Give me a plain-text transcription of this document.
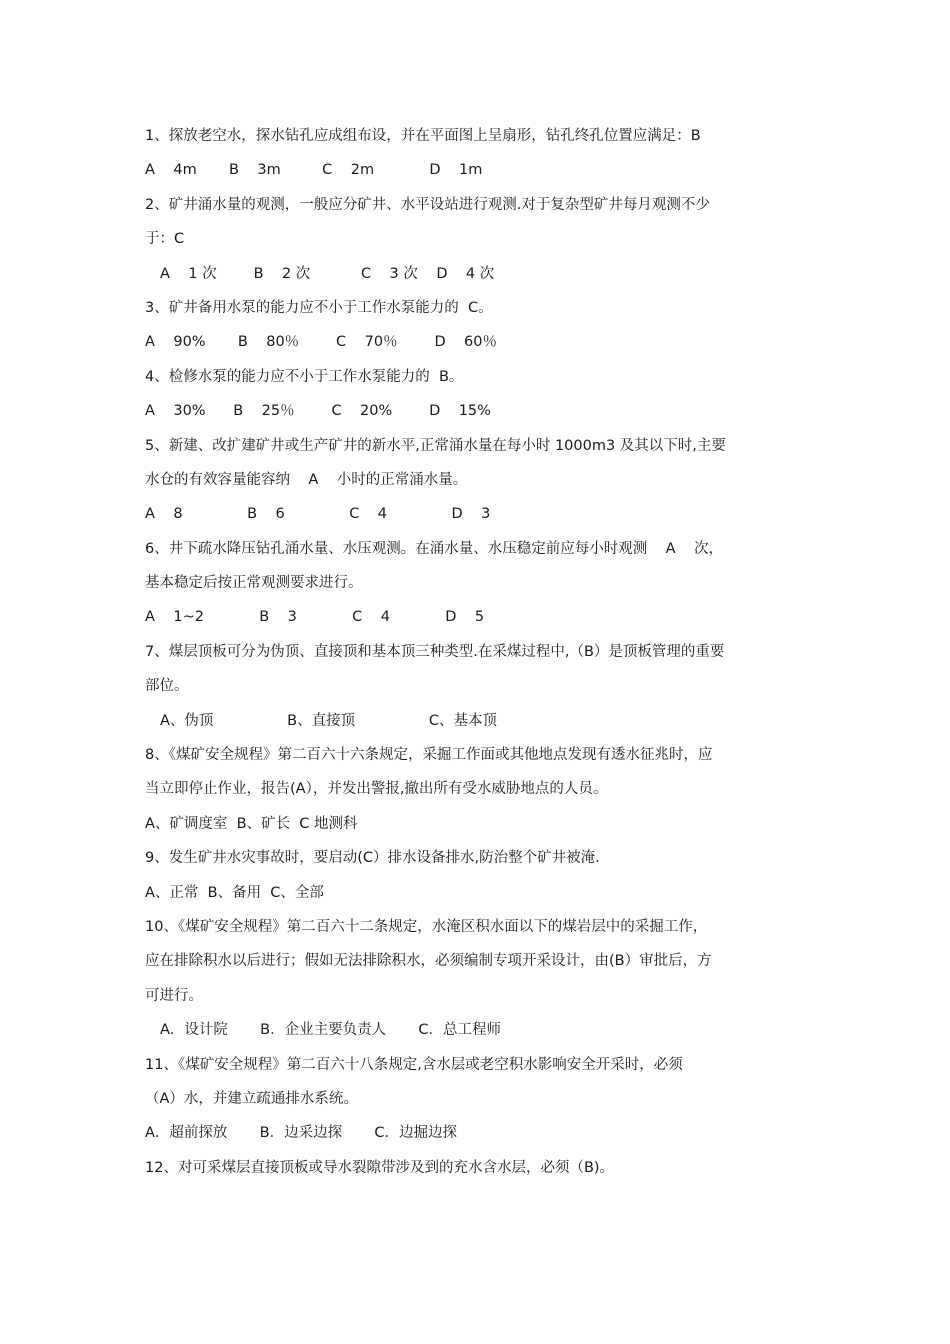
1、探放老空水，探水钻孔应成组布设，并在平面图上呈扇形，钻孔终孔位置应满足：B
A    4m       B    3m         C    2m            D    1m
2、矿井涌水量的观测，一般应分矿井、水平设站进行观测.对于复杂型矿井每月观测不少
于：C
A    1 次        B    2 次           C    3 次    D    4 次
3、矿井备用水泵的能力应不小于工作水泵能力的  C。
A    90%       B    80％        C    70％        D    60％
4、检修水泵的能力应不小于工作水泵能力的  B。
A    30%      B    25％        C    20%        D    15%
5、新建、改扩建矿井或生产矿井的新水平,正常涌水量在每小时 1000m3 及其以下时,主要
水仓的有效容量能容纳    A    小时的正常涌水量。
A    8              B    6              C    4              D    3
6、井下疏水降压钻孔涌水量、水压观测。在涌水量、水压稳定前应每小时观测    A    次，
基本稳定后按正常观测要求进行。
A    1~2            B    3            C    4            D    5
7、煤层顶板可分为伪顶、直接顶和基本顶三种类型.在采煤过程中,（B）是顶板管理的重要
部位。
A、伪顶                B、直接顶                C、基本顶
8、《煤矿安全规程》第二百六十六条规定，采掘工作面或其他地点发现有透水征兆时，应
当立即停止作业，报告(A），并发出警报,撤出所有受水威胁地点的人员。
A、矿调度室  B、矿长  C 地测科
9、发生矿井水灾事故时，要启动(C）排水设备排水,防治整个矿井被淹.
A、正常  B、备用  C、全部
10、《煤矿安全规程》第二百六十二条规定，水淹区积水面以下的煤岩层中的采掘工作，
应在排除积水以后进行；假如无法排除积水，必须编制专项开采设计，由(B）审批后，方
可进行。
A．设计院       B．企业主要负责人       C．总工程师
11、《煤矿安全规程》第二百六十八条规定,含水层或老空积水影响安全开采时，必须
（A）水，并建立疏通排水系统。
A．超前探放       B．边采边探       C．边掘边探
12、对可采煤层直接顶板或导水裂隙带涉及到的充水含水层，必须（B)。
